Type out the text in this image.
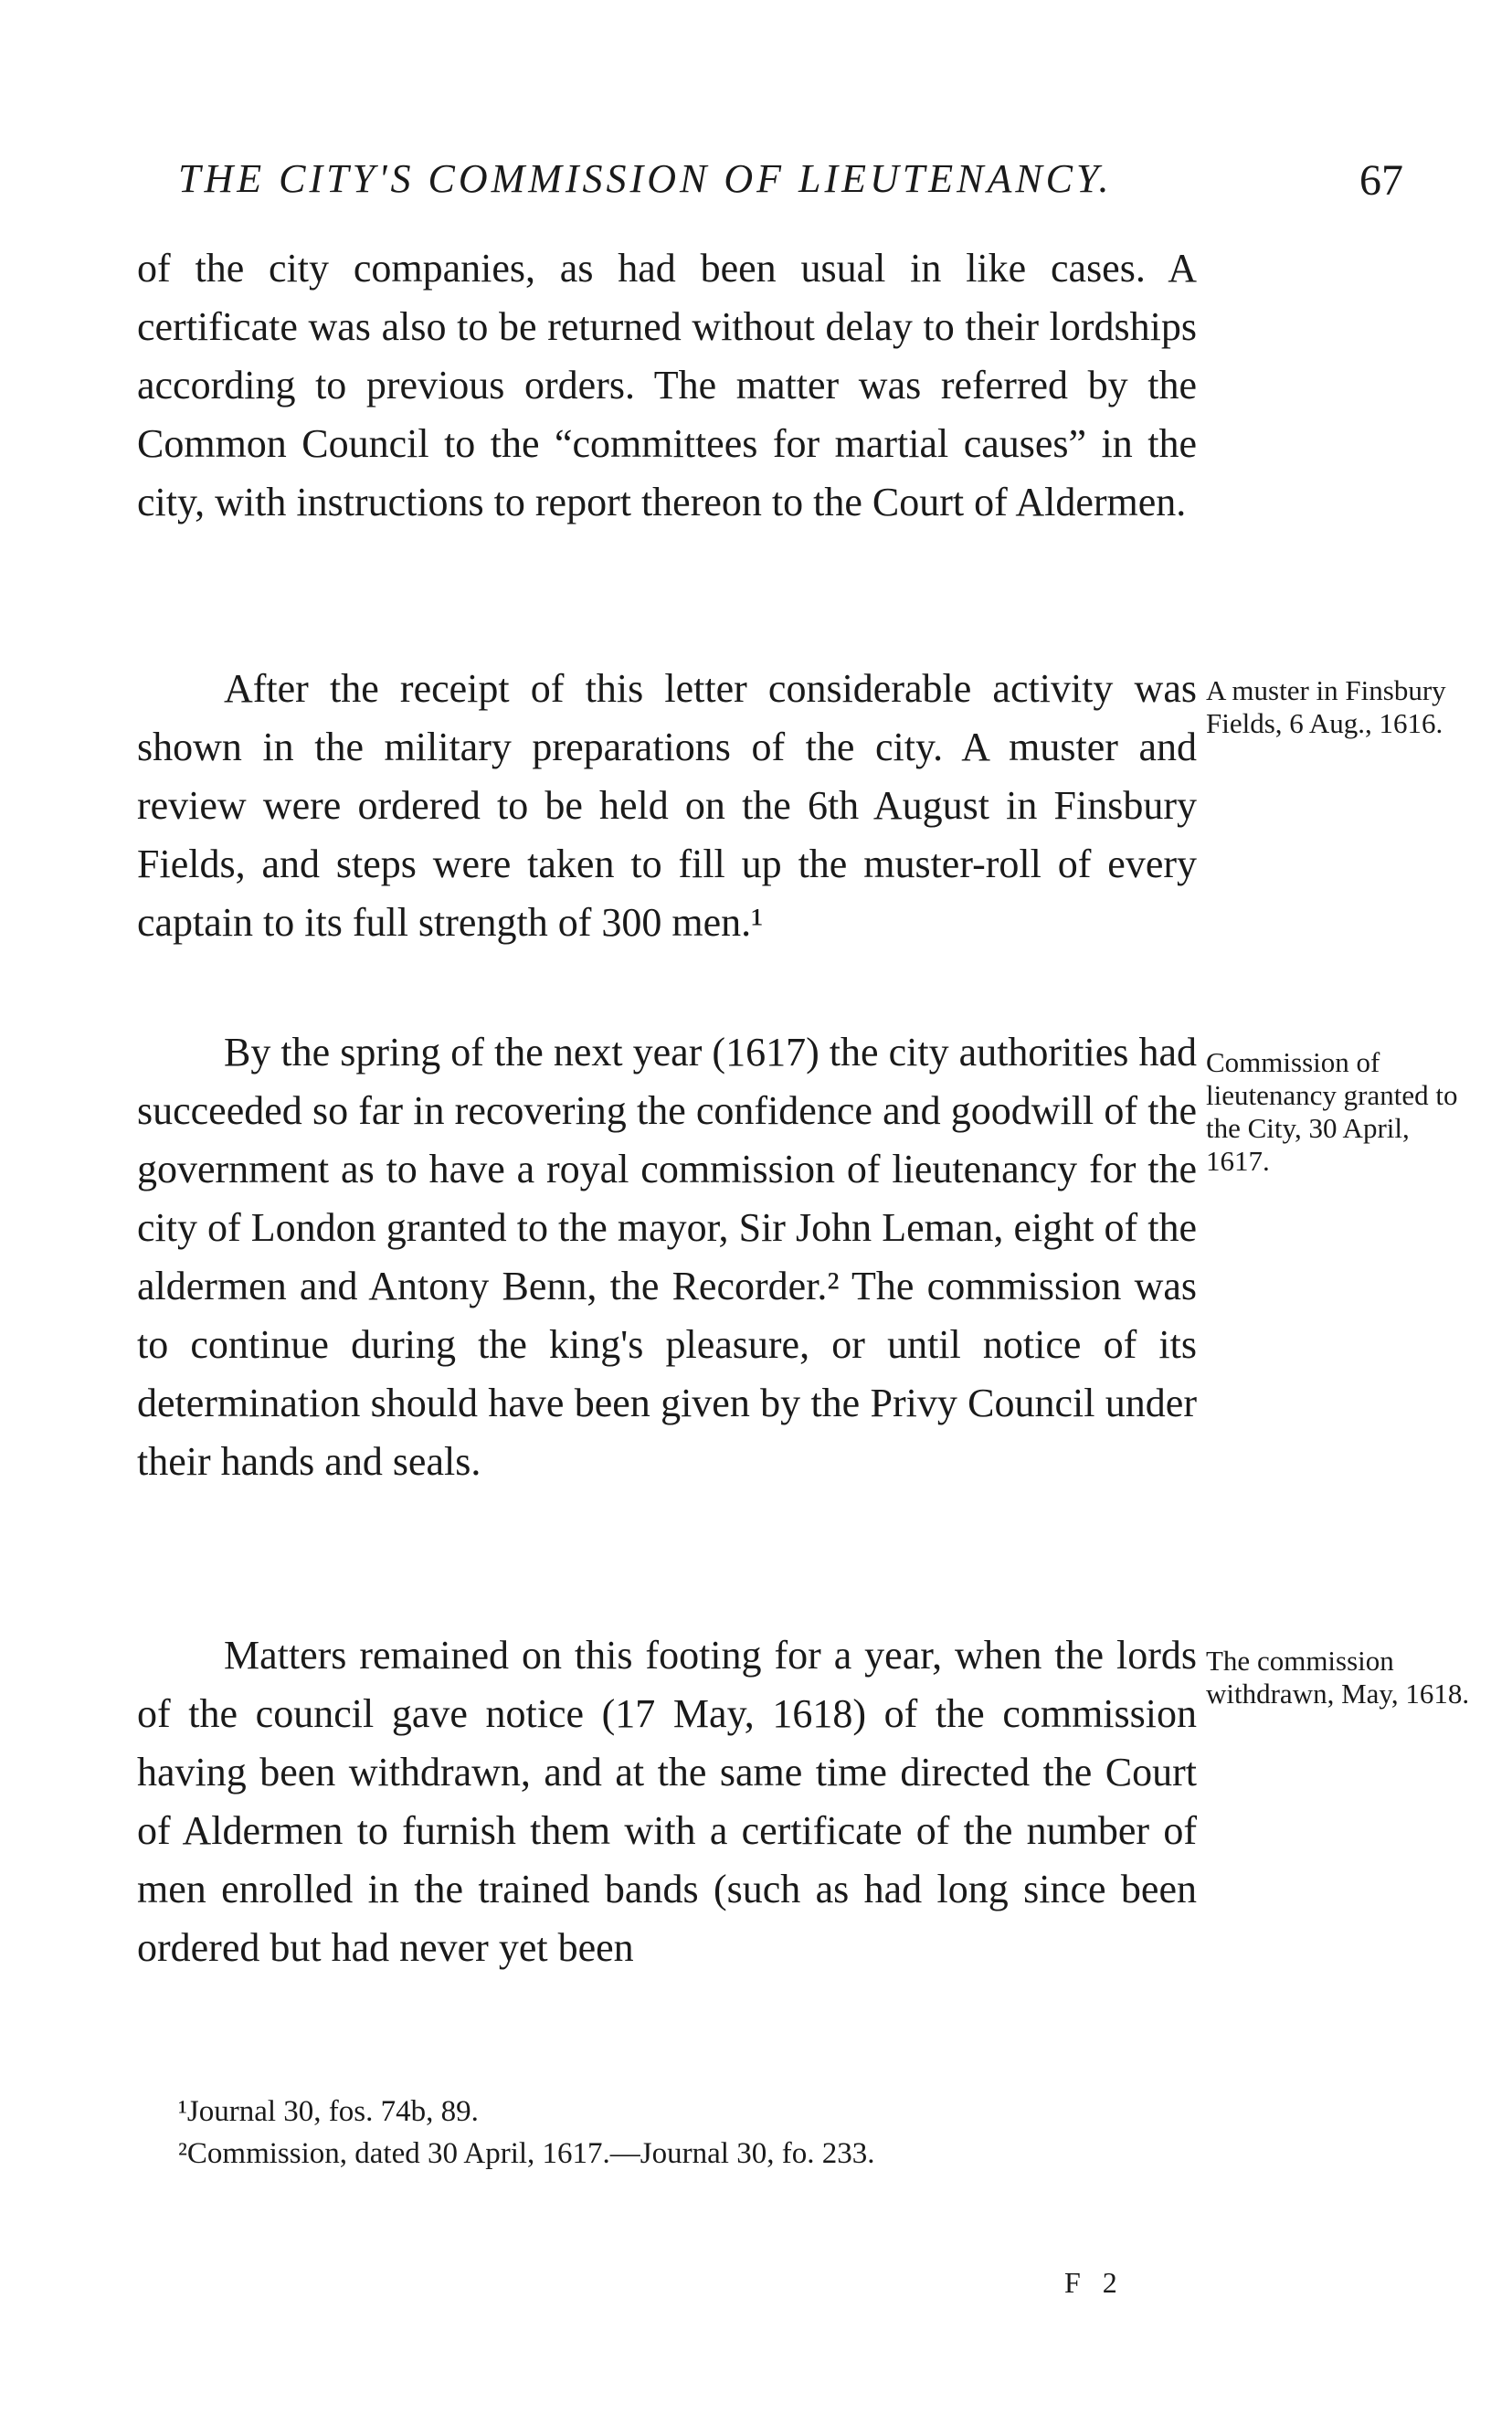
THE CITY'S COMMISSION OF LIEUTENANCY.	67

of the city companies, as had been usual in like cases. A certificate was also to be returned without delay to their lordships according to previous orders. The matter was referred by the Common Council to the “committees for martial causes” in the city, with instructions to report thereon to the Court of Aldermen.

After the receipt of this letter considerable activity was shown in the military preparations of the city. A muster and review were ordered to be held on the 6th August in Finsbury Fields, and steps were taken to fill up the muster-roll of every captain to its full strength of 300 men.¹

By the spring of the next year (1617) the city authorities had succeeded so far in recovering the confidence and goodwill of the government as to have a royal commission of lieutenancy for the city of London granted to the mayor, Sir John Leman, eight of the aldermen and Antony Benn, the Recorder.² The commission was to continue during the king's pleasure, or until notice of its determination should have been given by the Privy Council under their hands and seals.

Matters remained on this footing for a year, when the lords of the council gave notice (17 May, 1618) of the commission having been withdrawn, and at the same time directed the Court of Aldermen to furnish them with a certificate of the number of men enrolled in the trained bands (such as had long since been ordered but had never yet been

A muster in Finsbury Fields, 6 Aug., 1616.

Commission of lieutenancy granted to the City, 30 April, 1617.

The commission withdrawn, May, 1618.

¹Journal 30, fos. 74b, 89.

²Commission, dated 30 April, 1617.—Journal 30, fo. 233.

F 2
